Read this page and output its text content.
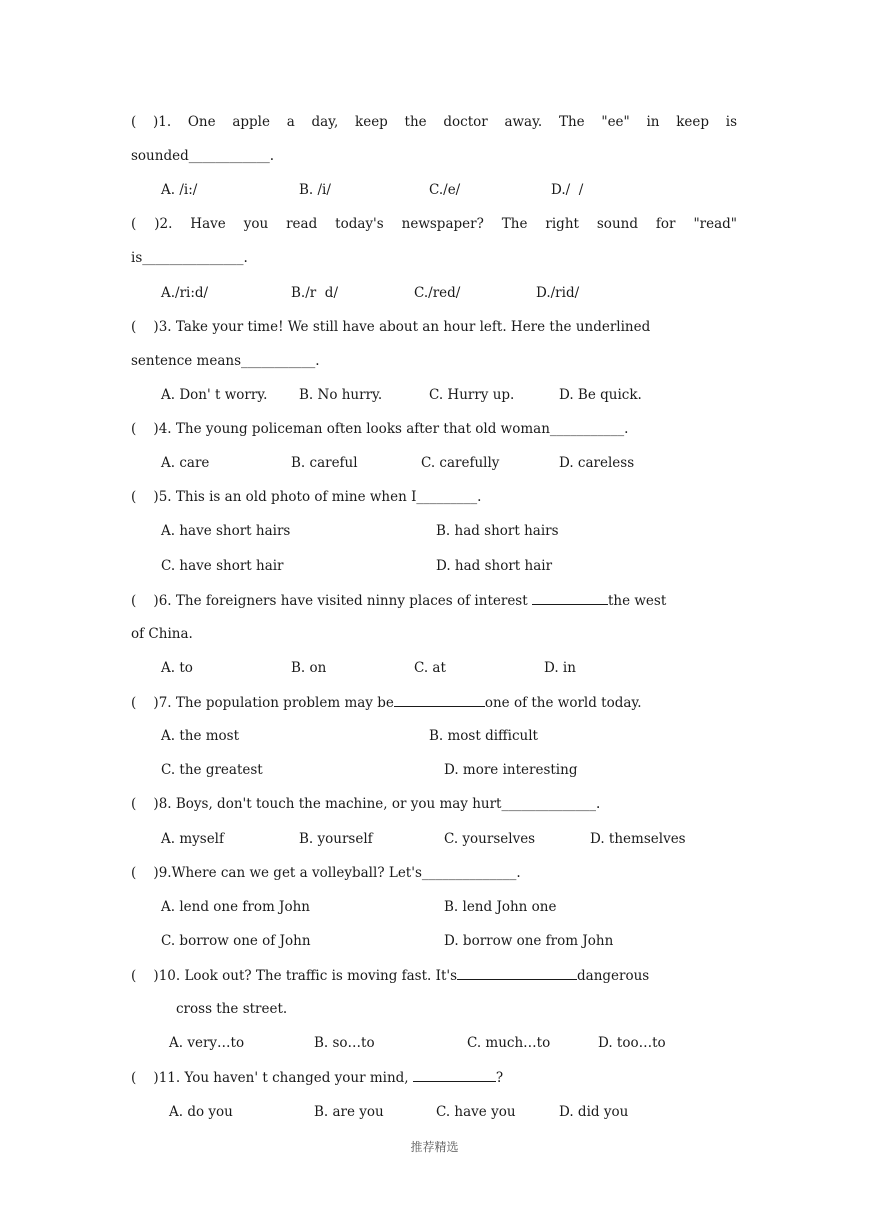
( )1. One apple a day, keep the doctor away. The "ee" in keep is
sounded____________.
A. /i:/	B. /i/	C./e/	D./  /
( )2. Have you read today's newspaper? The right sound for "read"
is_______________.
A./ri:d/	B./r  d/	C./red/	D./rid/
(    )3. Take your time! We still have about an hour left. Here the underlined
sentence means___________.
A. Don' t worry. B. No hurry.	C. Hurry up.	D. Be quick.
(    )4. The young policeman often looks after that old woman___________.
A. care	B. careful	C. carefully	D. careless
(    )5. This is an old photo of mine when I_________.
A. have short hairs	B. had short hairs
C. have short hair	D. had short hair
(    )6. The foreigners have visited ninny places of interest	the west
of China.
A. to	B. on	C. at	D. in
(    )7. The population problem may be	one of the world today.
A. the most	B. most difficult
C. the greatest	D. more interesting
(    )8. Boys, don't touch the machine, or you may hurt______________.
A. myself	B. yourself	C. yourselves	D. themselves
(    )9.Where can we get a volleyball? Let's______________.
A. lend one from John	B. lend John one
C. borrow one of John	D. borrow one from John
(    )10. Look out? The traffic is moving fast. It's	dangerous
cross the street.
A. very…to	B. so…to	C. much…to	D. too…to
(    )11. You haven' t changed your mind,	?
A. do you	B. are you	C. have you	D. did you
推荐精选
